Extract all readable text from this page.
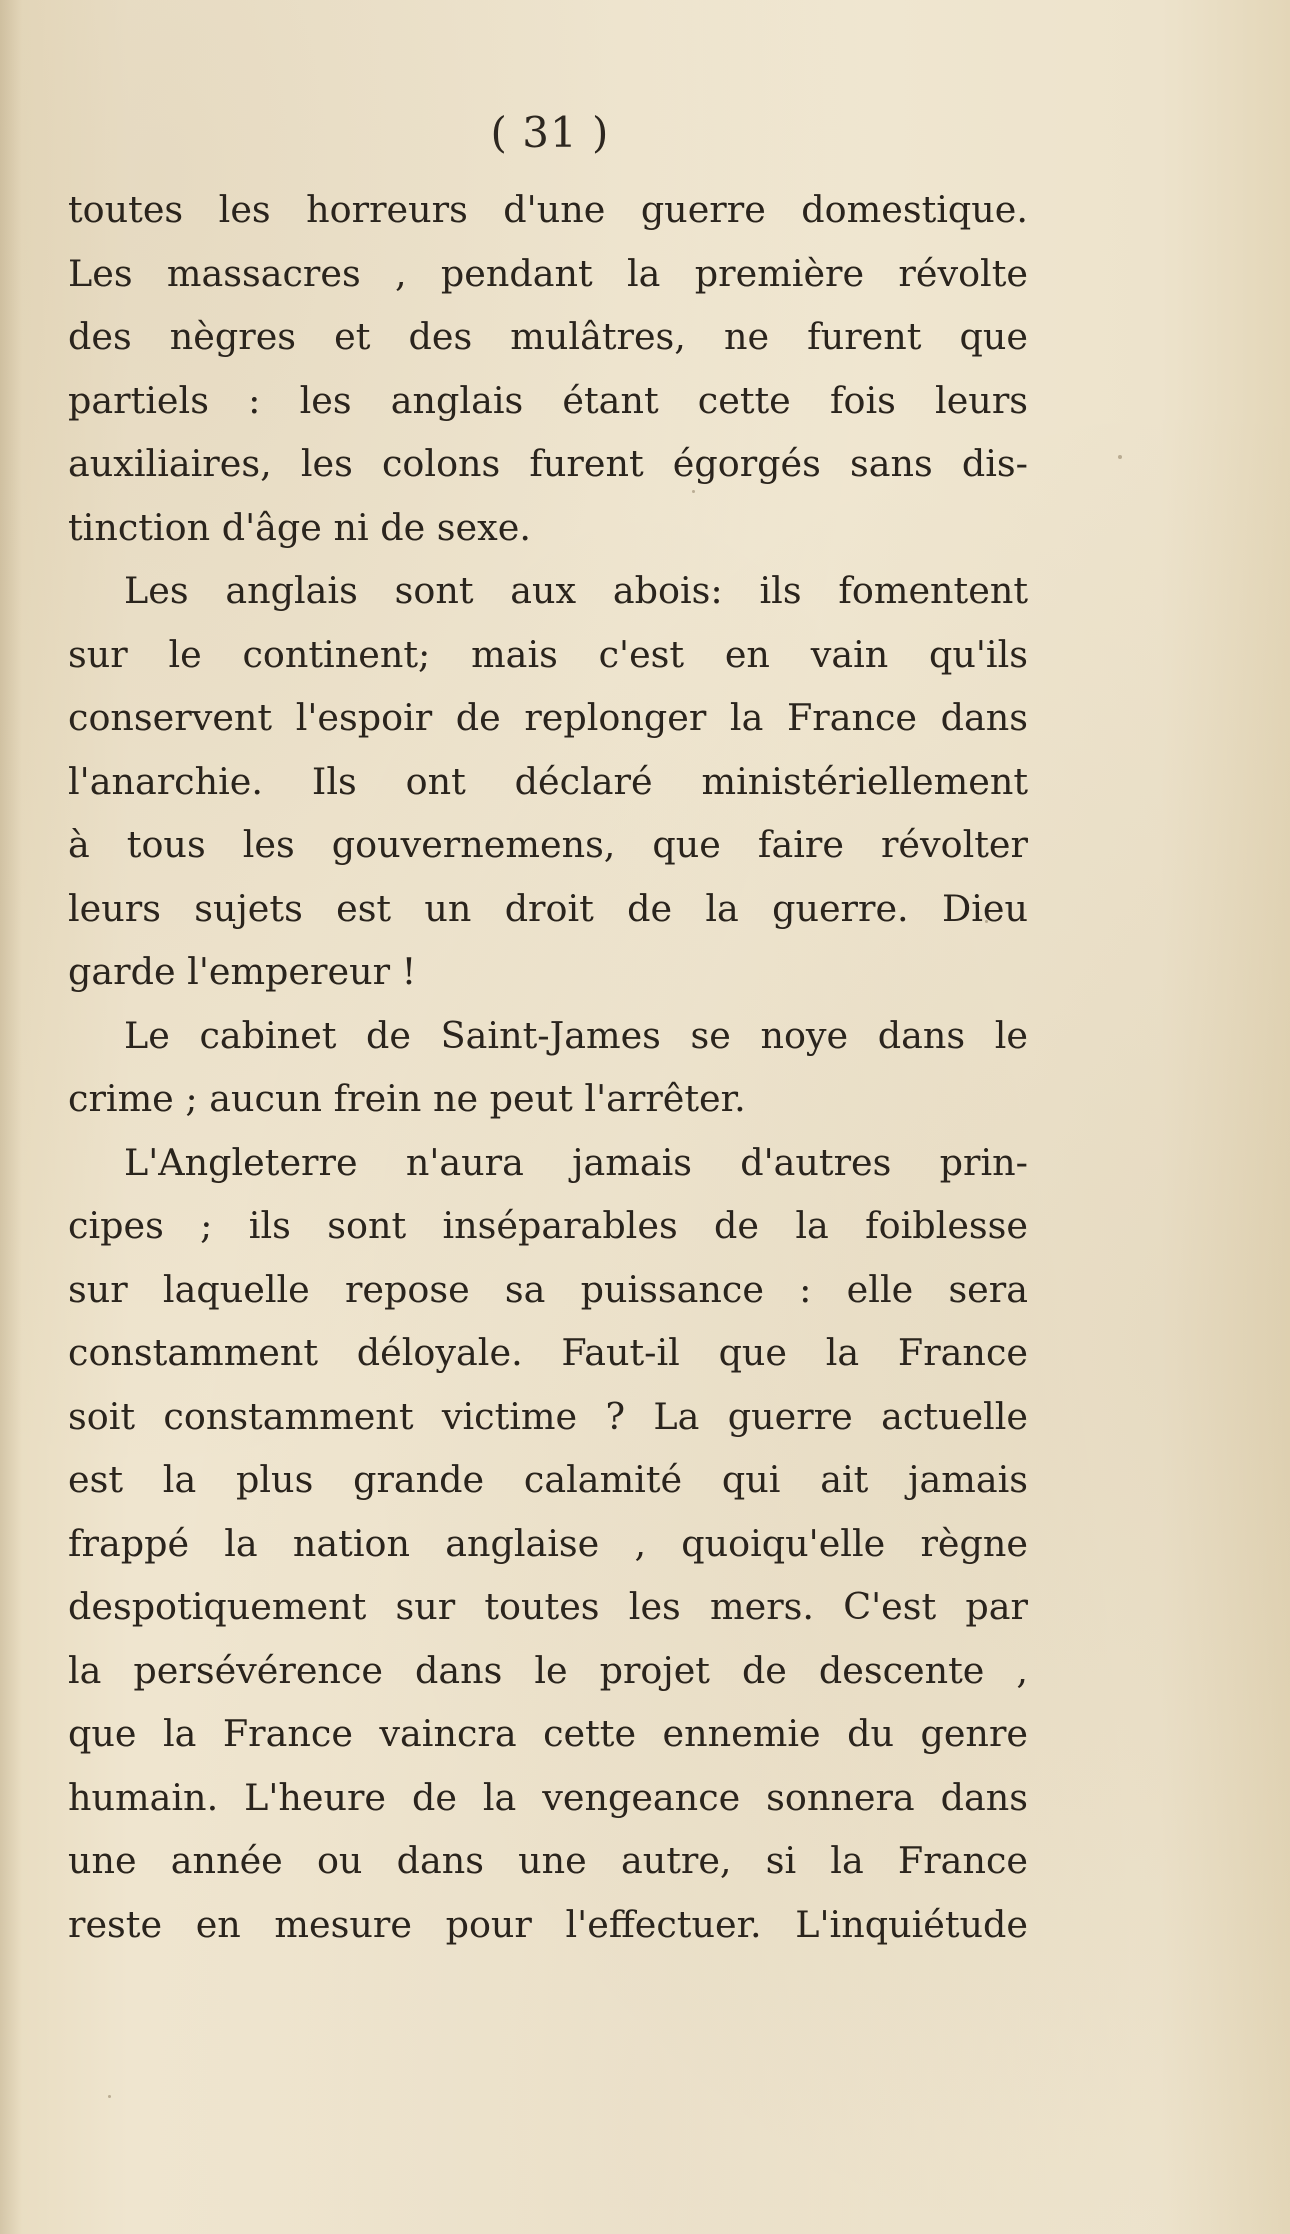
( 31 )
toutes les horreurs d'une guerre domestique.
Les massacres , pendant la première révolte
des nègres et des mulâtres, ne furent que
partiels : les anglais étant cette fois leurs
auxiliaires, les colons furent égorgés sans dis-
tinction d'âge ni de sexe.
Les anglais sont aux abois: ils fomentent
sur le continent; mais c'est en vain qu'ils
conservent l'espoir de replonger la France dans
l'anarchie. Ils ont déclaré ministériellement
à tous les gouvernemens, que faire révolter
leurs sujets est un droit de la guerre. Dieu
garde l'empereur !
Le cabinet de Saint-James se noye dans le
crime ; aucun frein ne peut l'arrêter.
L'Angleterre n'aura jamais d'autres prin-
cipes ; ils sont inséparables de la foiblesse
sur laquelle repose sa puissance : elle sera
constamment déloyale. Faut-il que la France
soit constamment victime ? La guerre actuelle
est la plus grande calamité qui ait jamais
frappé la nation anglaise , quoiqu'elle règne
despotiquement sur toutes les mers. C'est par
la persévérence dans le projet de descente ,
que la France vaincra cette ennemie du genre
humain. L'heure de la vengeance sonnera dans
une année ou dans une autre, si la France
reste en mesure pour l'effectuer. L'inquiétude
